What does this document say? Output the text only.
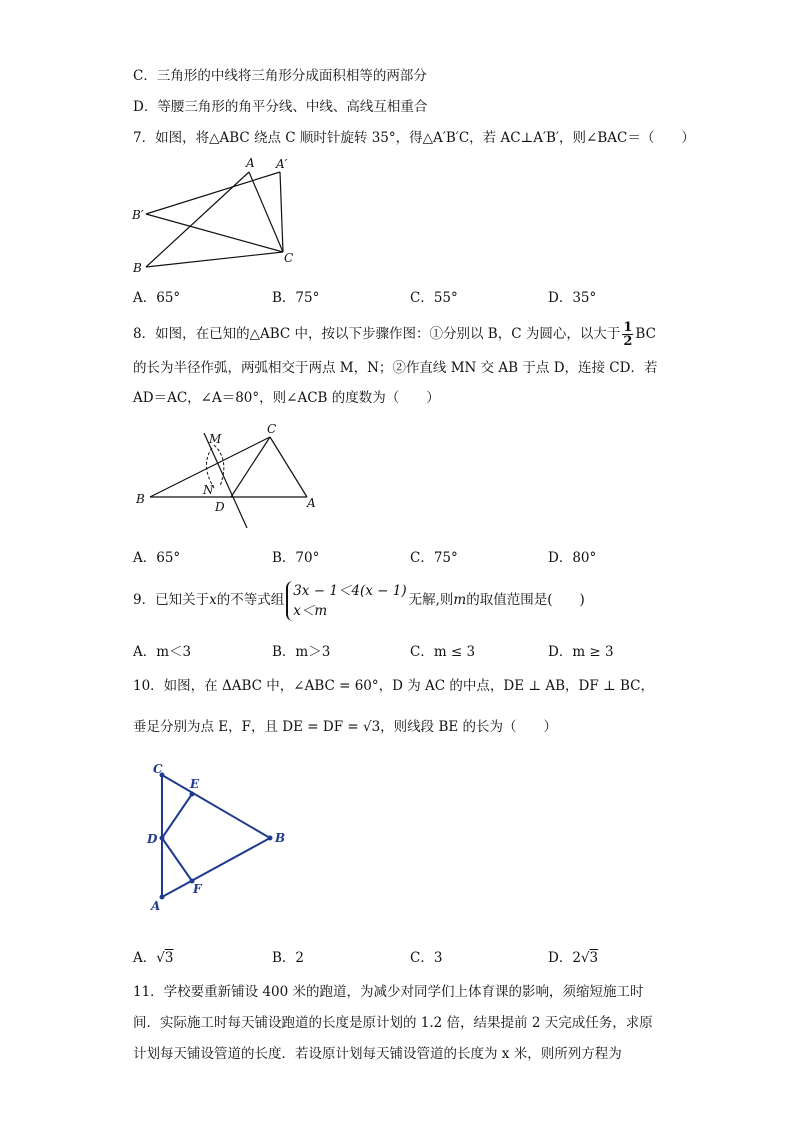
C．三角形的中线将三角形分成面积相等的两部分
D．等腰三角形的角平分线、中线、高线互相重合
7．如图，将△ABC 绕点 C 顺时针旋转 35°，得△A′B′C，若 AC⊥A′B′，则∠BAC＝（　　）
A A′
B′
B
C
A．65°	B．75°	C．55°	D．35°
8．如图，在已知的△ABC 中，按以下步骤作图：①分别以 B，C 为圆心，以大于 $\frac{1}{2}$ BC
的长为半径作弧，两弧相交于两点 M，N；②作直线 MN 交 AB 于点 D，连接 CD．若
AD＝AC，∠A＝80°，则∠ACB 的度数为（　　）
M
N
C
B
D	A
A．65°	B．70°	C．75°	D．80°
9．已知关于x的不等式组
3x − 1＜4(x − 1)
x＜m
无解,则m的取值范围是(　　)
A．m＜3	B．m＞3	C．m ≤ 3	D．m ≥ 3
10．如图，在 ΔABC 中，∠ABC = 60°，D 为 AC 的中点，DE ⊥ AB，DF ⊥ BC，
垂足分别为点 E，F，且 DE = DF = √3，则线段 BE 的长为（　　）
C
E
D	B
F
A
A．√3	B．2	C．3	D．2√3
11．学校要重新铺设 400 米的跑道，为减少对同学们上体育课的影响，须缩短施工时
间．实际施工时每天铺设跑道的长度是原计划的 1.2 倍，结果提前 2 天完成任务，求原
计划每天铺设管道的长度．若设原计划每天铺设管道的长度为 x 米，则所列方程为
